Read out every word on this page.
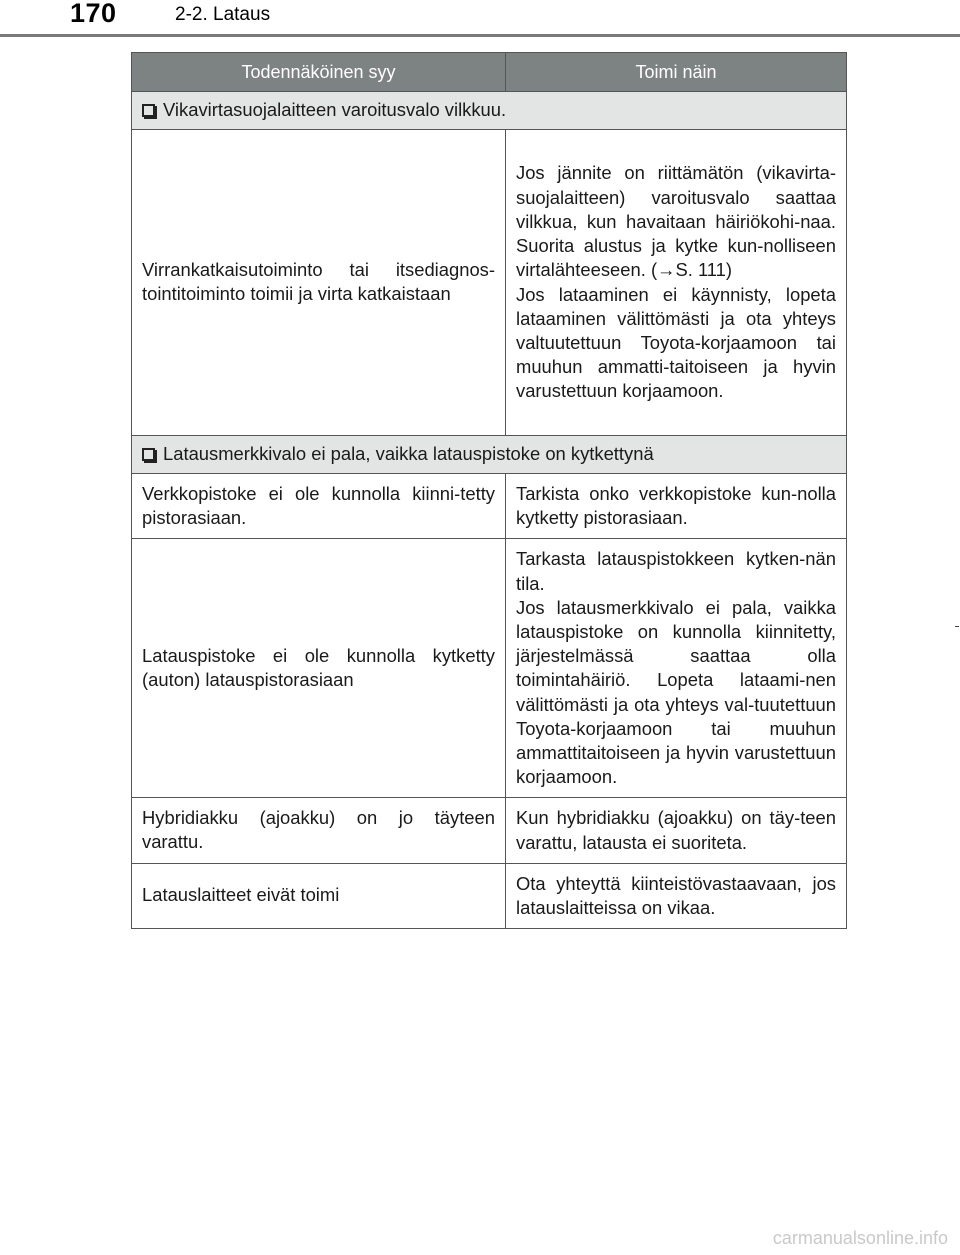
170	2-2. Lataus
Todennäköinen syy	Toimi näin
Vikavirtasuojalaitteen varoitusvalo vilkkuu.	
Virrankatkaisutoiminto tai itsediagnos-tointitoiminto toimii ja virta katkaistaan	Jos jännite on riittämätön (vikavirta-suojalaitteen) varoitusvalo saattaa vilkkua, kun havaitaan häiriökohi-naa. Suorita alustus ja kytke kun-nolliseen virtalähteeseen. (→S. 111)
Jos lataaminen ei käynnisty, lopeta lataaminen välittömästi ja ota yhteys valtuutettuun Toyota-korjaamoon tai muuhun ammatti-taitoiseen ja hyvin varustettuun korjaamoon.

Latausmerkkivalo ei pala, vaikka latauspistoke on kytkettynä	
Verkkopistoke ei ole kunnolla kiinni-tetty pistorasiaan.	Tarkista onko verkkopistoke kun-nolla kytketty pistorasiaan.

Latauspistoke ei ole kunnolla kytketty (auton) latauspistorasiaan	Tarkasta latauspistokkeen kytken-nän tila.
Jos latausmerkkivalo ei pala, vaikka latauspistoke on kunnolla kiinnitetty, järjestelmässä saattaa olla toimintahäiriö. Lopeta lataami-nen välittömästi ja ota yhteys val-tuutettuun Toyota-korjaamoon tai muuhun ammattitaitoiseen ja hyvin varustettuun korjaamoon.

Hybridiakku (ajoakku) on jo täyteen varattu.	Kun hybridiakku (ajoakku) on täy-teen varattu, latausta ei suoriteta.

Latauslaitteet eivät toimi	Ota yhteyttä kiinteistövastaavaan, jos latauslaitteissa on vikaa.
carmanualsonline.info
